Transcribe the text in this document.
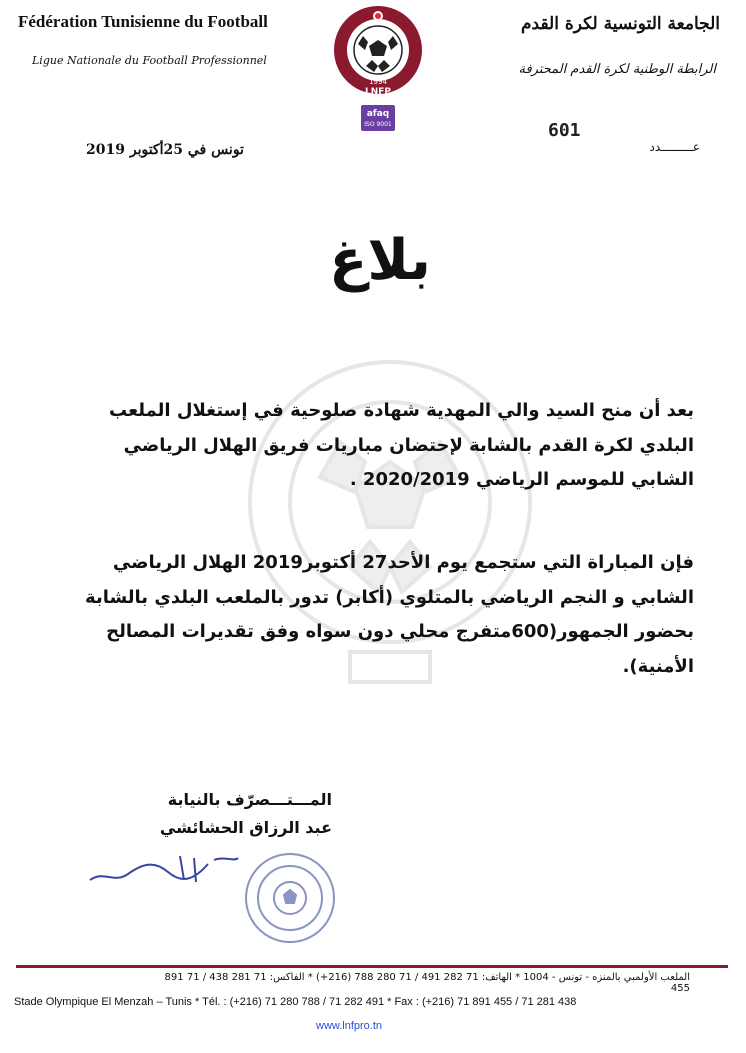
Fédération Tunisienne du Football
Ligue Nationale du Football Professionnel
الجامعة التونسية لكرة القدم
الرابطة الوطنية لكرة القدم المحترفة
1994
LNFP
afaq
ISO 9001	601
عـــــــــدد
تونس في 25أكتوبر 2019
بلاغ
بعد أن منح السيد والي المهدية شهادة صلوحية في إستغلال الملعب البلدي لكرة القدم بالشابة لإحتضان مباريات فريق الهلال الرياضي الشابي للموسم الرياضي 2020/2019 .
فإن المباراة التي ستجمع يوم الأحد27 أكتوبر2019 الهلال الرياضي الشابي و النجم الرياضي بالمتلوي (أكابر) تدور بالملعب البلدي بالشابة بحضور الجمهور(600متفرج محلي دون سواه وفق تقديرات المصالح الأمنية).
المـــتـــصرّف بالنيابة
عبد الرزاق الحشائشي
الملعب الأولمبي بالمنزه - تونس - 1004 * الهاتف: 71 282 491 / 71 280 788 (216+) * الفاكس: 71 281 438 / 71 891 455
Stade Olympique El Menzah – Tunis * Tél. : (+216) 71 280 788 / 71 282 491 * Fax : (+216) 71 891 455 / 71 281 438
www.lnfpro.tn
